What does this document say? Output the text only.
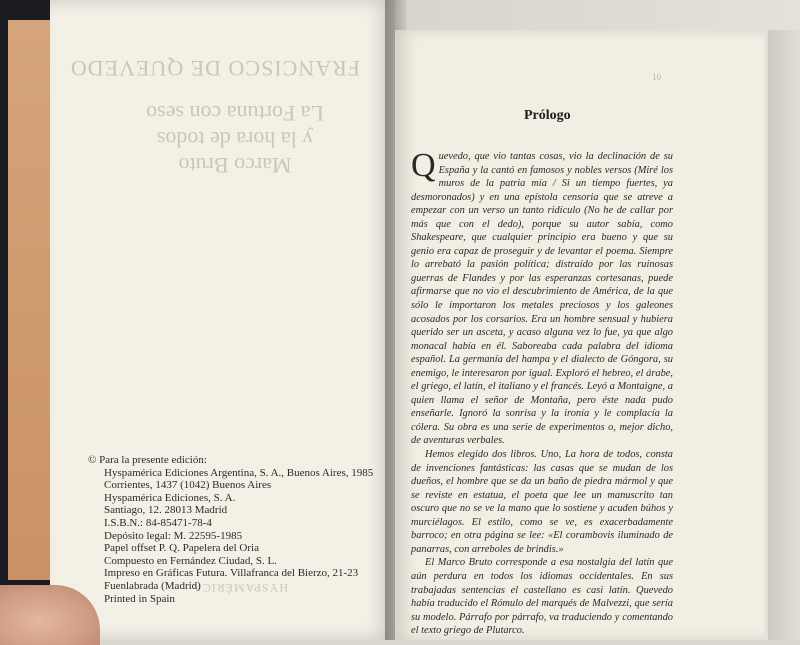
FRANCISCO DE QUEVEDO
La Fortuna con seso
y la hora de todos
Marco Bruto
HYSPAMÉRICA
© Para la presente edición:
Hyspamérica Ediciones Argentina, S. A., Buenos Aires, 1985
Corrientes, 1437 (1042) Buenos Aires
Hyspamérica Ediciones, S. A.
Santiago, 12. 28013 Madrid
I.S.B.N.: 84-85471-78-4
Depósito legal: M. 22595-1985
Papel offset P. Q. Papelera del Oria
Compuesto en Fernández Ciudad, S. L.
Impreso en Gráficas Futura. Villafranca del Bierzo, 21-23
Fuenlabrada (Madrid)
Printed in Spain
10
Prólogo

Quevedo, que vio tantas cosas, vio la declinación de su España y la cantó en famosos y nobles versos (Miré los muros de la patria mía / Si un tiempo fuertes, ya desmoronados) y en una epístola censoria que se atreve a empezar con un verso un tanto ridículo (No he de callar por más que con el dedo), porque su autor sabía, como Shakespeare, que cualquier principio era bueno y que su genio era capaz de proseguir y de levantar el poema. Siempre lo arrebató la pasión política; distraído por las ruinosas guerras de Flandes y por las esperanzas cortesanas, puede afirmarse que no vio el descubrimiento de América, de la que sólo le importaron los metales preciosos y los galeones acosados por los corsarios. Era un hombre sensual y hubiera querido ser un asceta, y acaso alguna vez lo fue, ya que algo monacal había en él. Saboreaba cada palabra del idioma español. La germanía del hampa y el dialecto de Góngora, su enemigo, le interesaron por igual. Exploró el hebreo, el árabe, el griego, el latín, el italiano y el francés. Leyó a Montaigne, a quien llama el señor de Montaña, pero éste nada pudo enseñarle. Ignoró la sonrisa y la ironía y le complacía la cólera. Su obra es una serie de experimentos o, mejor dicho, de aventuras verbales.

Hemos elegido dos libros. Uno, La hora de todos, consta de invenciones fantásticas: las casas que se mudan de los dueños, el hombre que se da un baño de piedra mármol y que se reviste en estatua, el poeta que lee un manuscrito tan oscuro que no se ve la mano que lo sostiene y acuden búhos y murciélagos. El estilo, como se ve, es exacerbadamente barroco; en otra página se lee: «El corambovis iluminado de panarras, con arreboles de brindis.»

El Marco Bruto corresponde a esa nostalgia del latín que aún perdura en todos los idiomas occidentales. En sus trabajadas sentencias el castellano es casi latín. Quevedo había traducido el Rómulo del marqués de Malvezzi, que sería su modelo. Párrafo por párrafo, va traduciendo y comentando el texto griego de Plutarco.
